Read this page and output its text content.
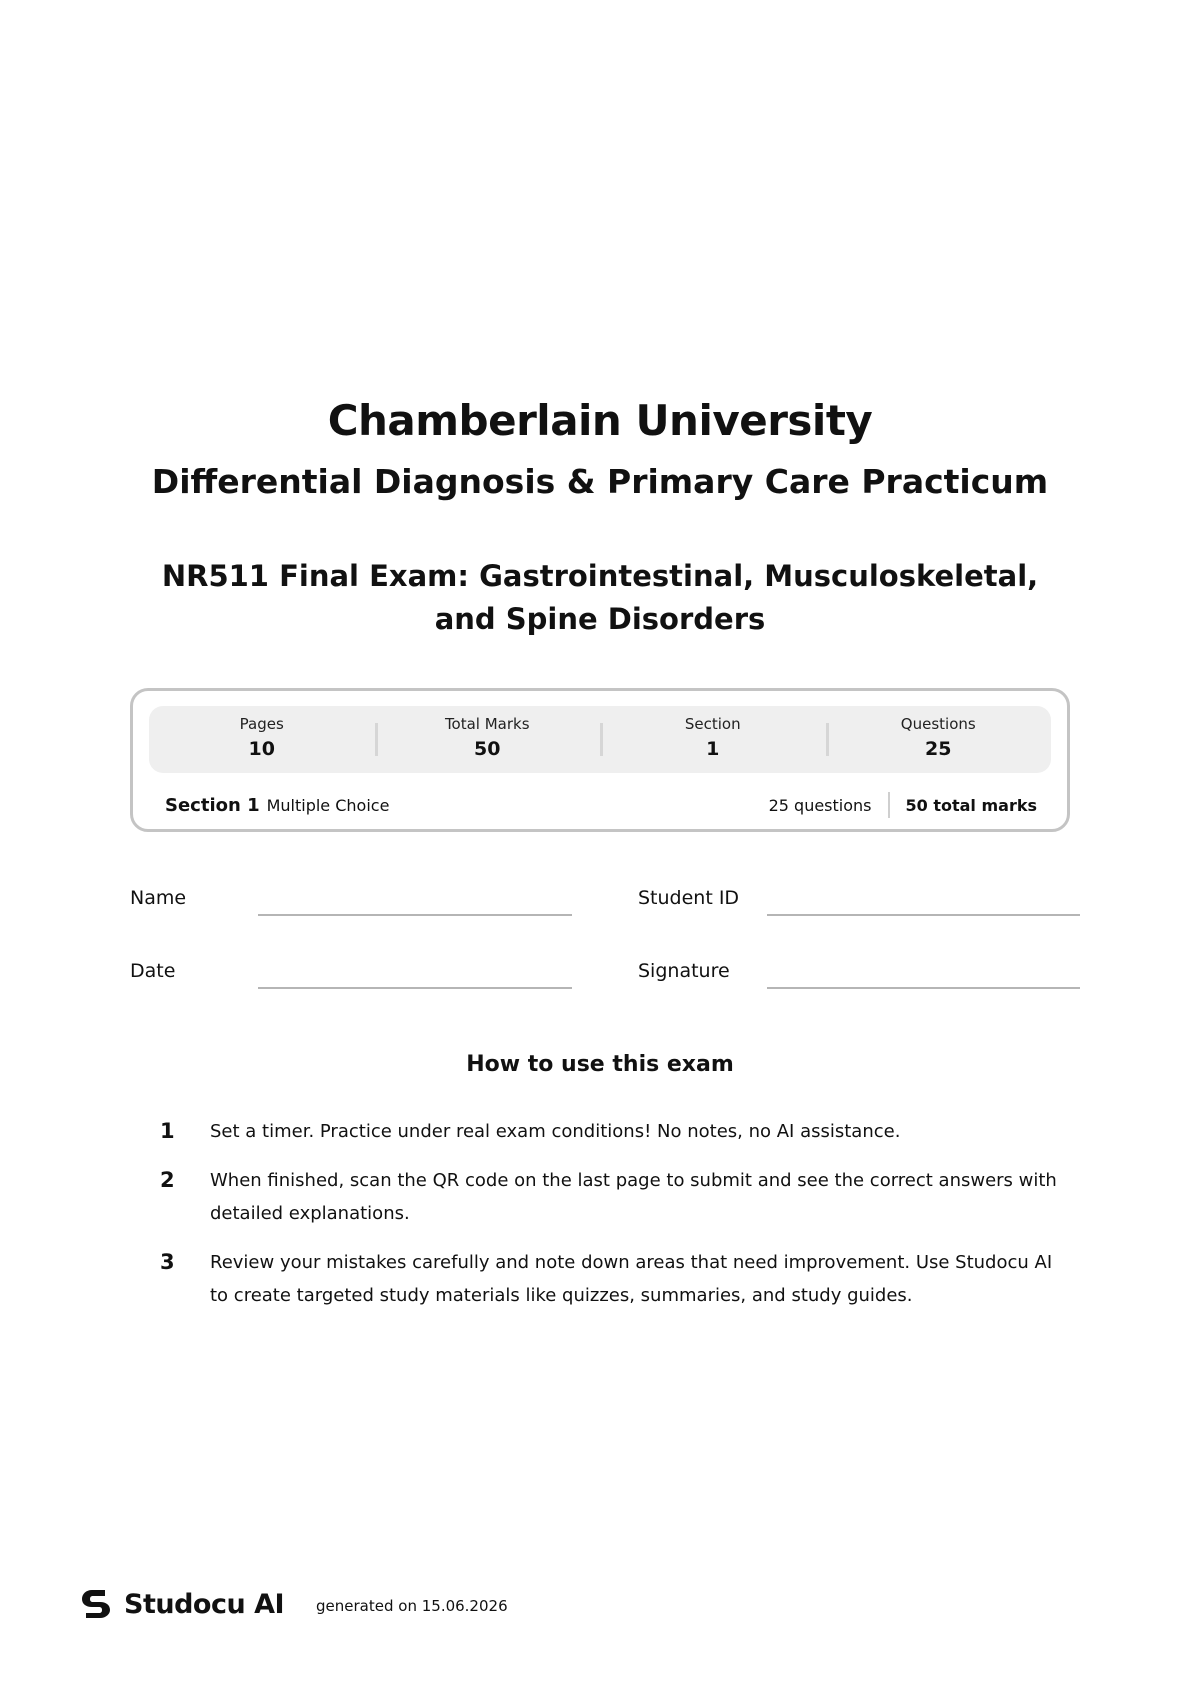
Chamberlain University
Differential Diagnosis & Primary Care Practicum
NR511 Final Exam: Gastrointestinal, Musculoskeletal, and Spine Disorders
Pages
10
Total Marks
50
Section
1
Questions
25
Section 1 Multiple Choice	25 questions 50 total marks
Name	Student ID
Date	Signature
How to use this exam
1	Set a timer. Practice under real exam conditions! No notes, no AI assistance.
2	When finished, scan the QR code on the last page to submit and see the correct answers with detailed explanations.
3	Review your mistakes carefully and note down areas that need improvement. Use Studocu AI to create targeted study materials like quizzes, summaries, and study guides.
Studocu AI generated on 15.06.2026
